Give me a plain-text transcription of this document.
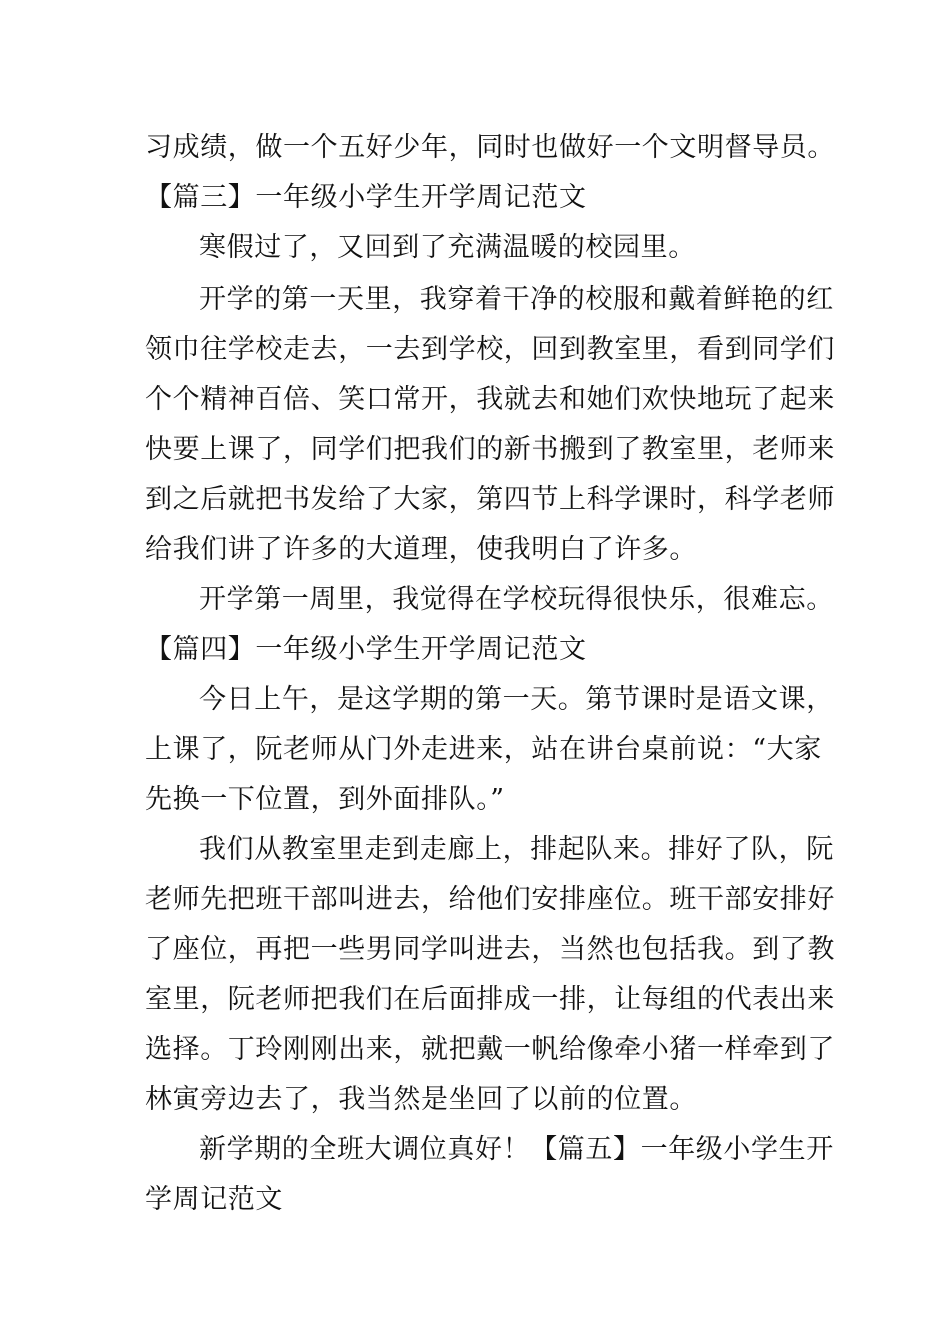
习成绩，做一个五好少年，同时也做好一个文明督导员。
【篇三】一年级小学生开学周记范文
寒假过了，又回到了充满温暖的校园里。
开学的第一天里，我穿着干净的校服和戴着鲜艳的红
领巾往学校走去，一去到学校，回到教室里，看到同学们
个个精神百倍、笑口常开，我就去和她们欢快地玩了起来
快要上课了，同学们把我们的新书搬到了教室里，老师来
到之后就把书发给了大家，第四节上科学课时，科学老师
给我们讲了许多的大道理，使我明白了许多。
开学第一周里，我觉得在学校玩得很快乐，很难忘。
【篇四】一年级小学生开学周记范文
今日上午，是这学期的第一天。第节课时是语文课，
上课了，阮老师从门外走进来，站在讲台桌前说：“大家
先换一下位置，到外面排队。”
我们从教室里走到走廊上，排起队来。排好了队，阮
老师先把班干部叫进去，给他们安排座位。班干部安排好
了座位，再把一些男同学叫进去，当然也包括我。到了教
室里，阮老师把我们在后面排成一排，让每组的代表出来
选择。丁玲刚刚出来，就把戴一帆给像牵小猪一样牵到了
林寅旁边去了，我当然是坐回了以前的位置。
新学期的全班大调位真好！【篇五】一年级小学生开
学周记范文
